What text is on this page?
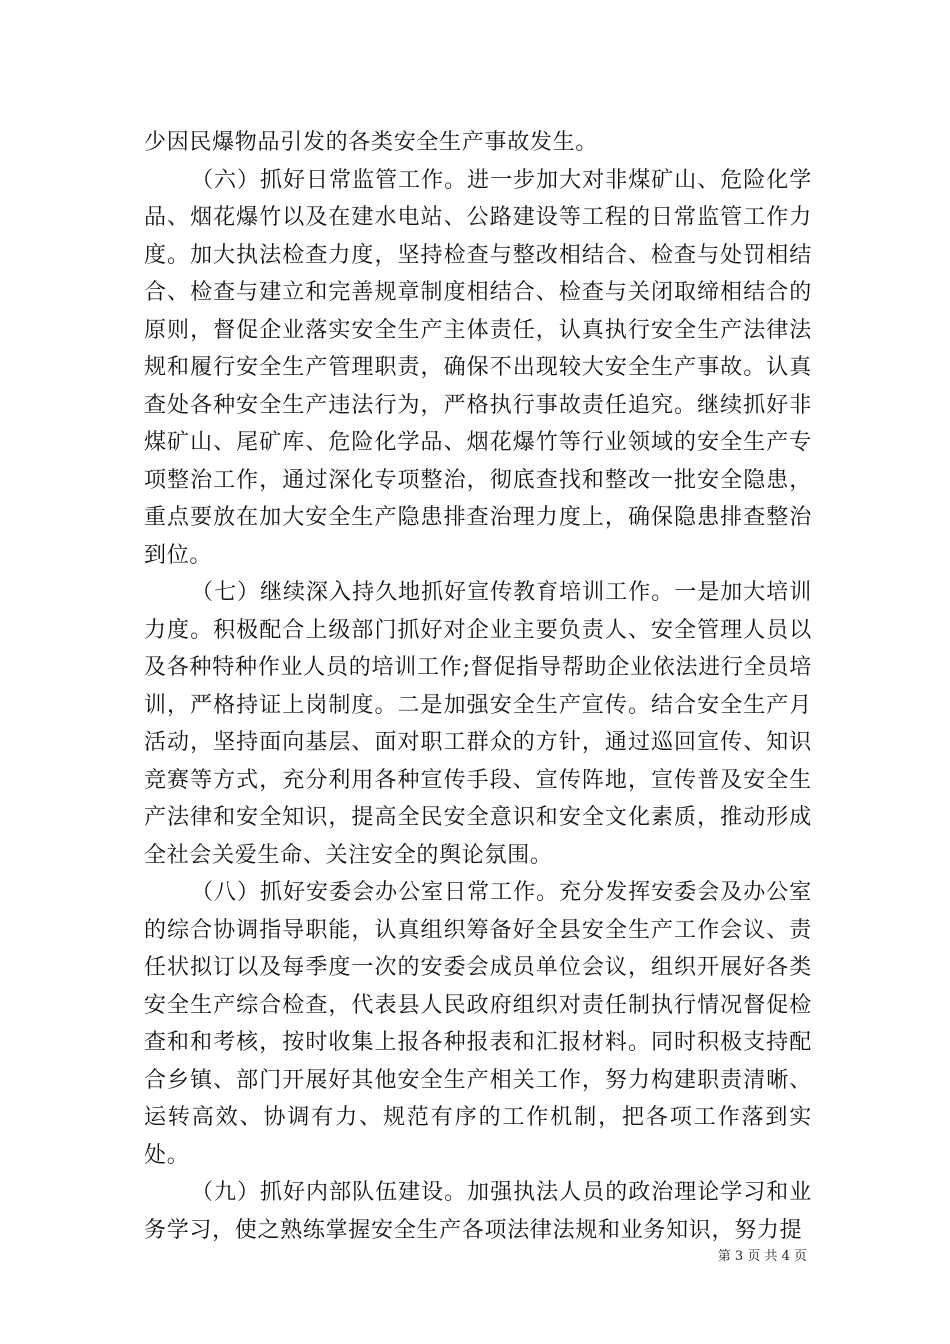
少因民爆物品引发的各类安全生产事故发生。

（六）抓好日常监管工作。进一步加大对非煤矿山、危险化学品、烟花爆竹以及在建水电站、公路建设等工程的日常监管工作力度。加大执法检查力度，坚持检查与整改相结合、检查与处罚相结合、检查与建立和完善规章制度相结合、检查与关闭取缔相结合的原则，督促企业落实安全生产主体责任，认真执行安全生产法律法规和履行安全生产管理职责，确保不出现较大安全生产事故。认真查处各种安全生产违法行为，严格执行事故责任追究。继续抓好非煤矿山、尾矿库、危险化学品、烟花爆竹等行业领域的安全生产专项整治工作，通过深化专项整治，彻底查找和整改一批安全隐患，重点要放在加大安全生产隐患排查治理力度上，确保隐患排查整治到位。

（七）继续深入持久地抓好宣传教育培训工作。一是加大培训力度。积极配合上级部门抓好对企业主要负责人、安全管理人员以及各种特种作业人员的培训工作;督促指导帮助企业依法进行全员培训，严格持证上岗制度。二是加强安全生产宣传。结合安全生产月活动，坚持面向基层、面对职工群众的方针，通过巡回宣传、知识竞赛等方式，充分利用各种宣传手段、宣传阵地，宣传普及安全生产法律和安全知识，提高全民安全意识和安全文化素质，推动形成全社会关爱生命、关注安全的舆论氛围。

（八）抓好安委会办公室日常工作。充分发挥安委会及办公室的综合协调指导职能，认真组织筹备好全县安全生产工作会议、责任状拟订以及每季度一次的安委会成员单位会议，组织开展好各类安全生产综合检查，代表县人民政府组织对责任制执行情况督促检查和和考核，按时收集上报各种报表和汇报材料。同时积极支持配合乡镇、部门开展好其他安全生产相关工作，努力构建职责清晰、运转高效、协调有力、规范有序的工作机制，把各项工作落到实处。

（九）抓好内部队伍建设。加强执法人员的政治理论学习和业务学习，使之熟练掌握安全生产各项法律法规和业务知识，努力提

第 3 页 共 4 页
